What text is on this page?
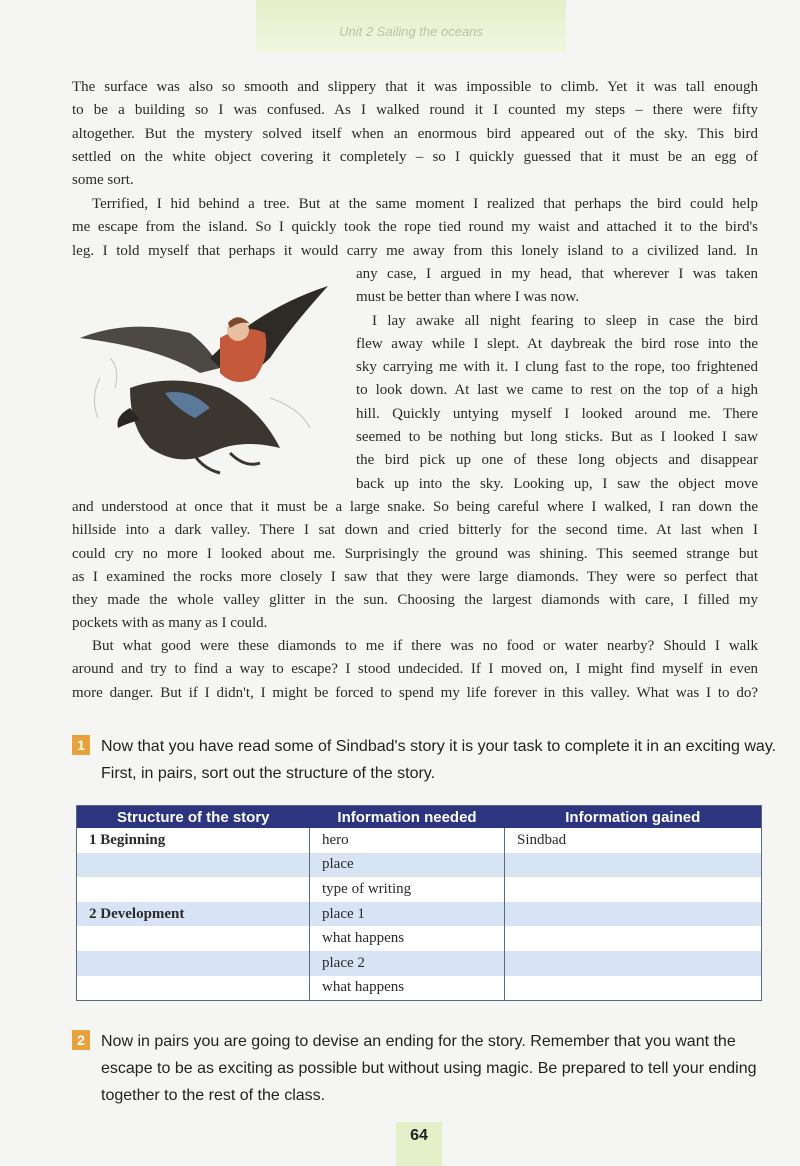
Unit 2 Sailing the oceans
The surface was also so smooth and slippery that it was impossible to climb. Yet it was tall enough
to be a building so I was confused. As I walked round it I counted my steps – there were fifty
altogether. But the mystery solved itself when an enormous bird appeared out of the sky. This bird
settled on the white object covering it completely – so I quickly guessed that it must be an egg of
some sort.
Terrified, I hid behind a tree. But at the same moment I realized that perhaps the bird could help
me escape from the island. So I quickly took the rope tied round my waist and attached it to the bird's
leg. I told myself that perhaps it would carry me away from this lonely island to a civilized land. In
any case, I argued in my head, that wherever I was taken
must be better than where I was now.
I lay awake all night fearing to sleep in case the bird
flew away while I slept. At daybreak the bird rose into the
sky carrying me with it. I clung fast to the rope, too frightened
to look down. At last we came to rest on the top of a high
hill. Quickly untying myself I looked around me. There
seemed to be nothing but long sticks. But as I looked I saw
the bird pick up one of these long objects and disappear
back up into the sky. Looking up, I saw the object move
and understood at once that it must be a large snake. So being careful where I walked, I ran down the
hillside into a dark valley. There I sat down and cried bitterly for the second time. At last when I
could cry no more I looked about me. Surprisingly the ground was shining. This seemed strange but
as I examined the rocks more closely I saw that they were large diamonds. They were so perfect that
they made the whole valley glitter in the sun. Choosing the largest diamonds with care, I filled my
pockets with as many as I could.
But what good were these diamonds to me if there was no food or water nearby? Should I walk
around and try to find a way to escape? I stood undecided. If I moved on, I might find myself in even
more danger. But if I didn't, I might be forced to spend my life forever in this valley. What was I to do?
1 Now that you have read some of Sindbad's story it is your task to complete it in an exciting way. First, in pairs, sort out the structure of the story.
Structure of the story	Information needed	Information gained
1 Beginning	hero	Sindbad
	place	
	type of writing	
2 Development	place 1	
	what happens	
	place 2	
	what happens	
2 Now in pairs you are going to devise an ending for the story. Remember that you want the escape to be as exciting as possible but without using magic. Be prepared to tell your ending together to the rest of the class.
64
